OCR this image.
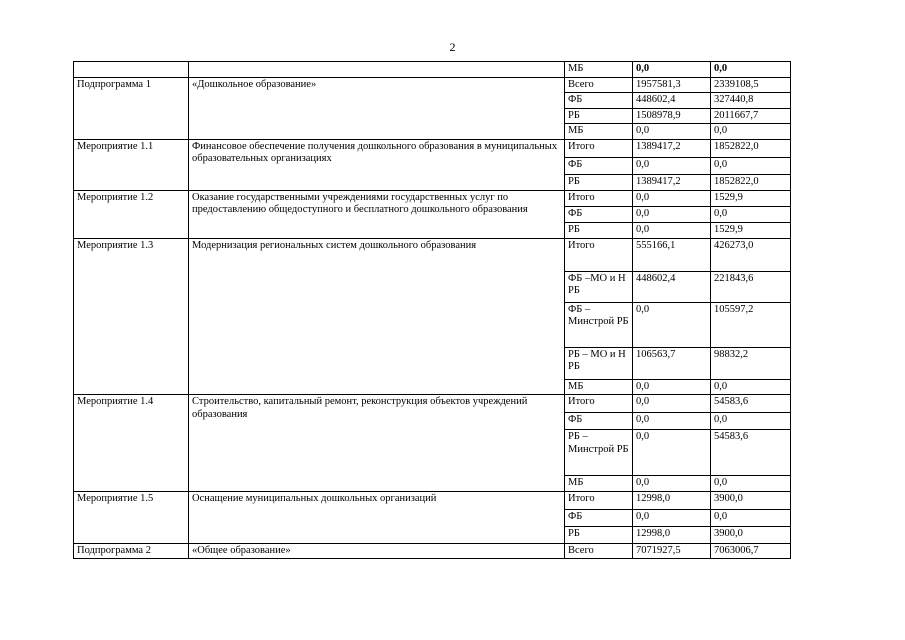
2
		МБ	0,0	0,0
Подпрограмма 1	«Дошкольное образование»	Всего	1957581,3	2339108,5
		ФБ	448602,4	327440,8
		РБ	1508978,9	2011667,7
		МБ	0,0	0,0
Мероприятие 1.1	Финансовое обеспечение получения дошкольного образования в муниципальных образовательных организациях	Итого	1389417,2	1852822,0
		ФБ	0,0	0,0
		РБ	1389417,2	1852822,0
Мероприятие 1.2	Оказание государственными учреждениями государственных услуг по предоставлению общедоступного и бесплатного дошкольного образования	Итого	0,0	1529,9
		ФБ	0,0	0,0
		РБ	0,0	1529,9
Мероприятие 1.3	Модернизация региональных систем дошкольного образования	Итого	555166,1	426273,0
		ФБ –МО и Н РБ	448602,4	221843,6
		ФБ – Минстрой РБ	0,0	105597,2
		РБ – МО и Н РБ	106563,7	98832,2
		МБ	0,0	0,0
Мероприятие 1.4	Строительство, капитальный ремонт, реконструкция объектов учреждений образования	Итого	0,0	54583,6
		ФБ	0,0	0,0
		РБ – Минстрой РБ	0,0	54583,6
		МБ	0,0	0,0
Мероприятие 1.5	Оснащение муниципальных дошкольных организаций	Итого	12998,0	3900,0
		ФБ	0,0	0,0
		РБ	12998,0	3900,0
Подпрограмма 2	«Общее образование»	Всего	7071927,5	7063006,7
